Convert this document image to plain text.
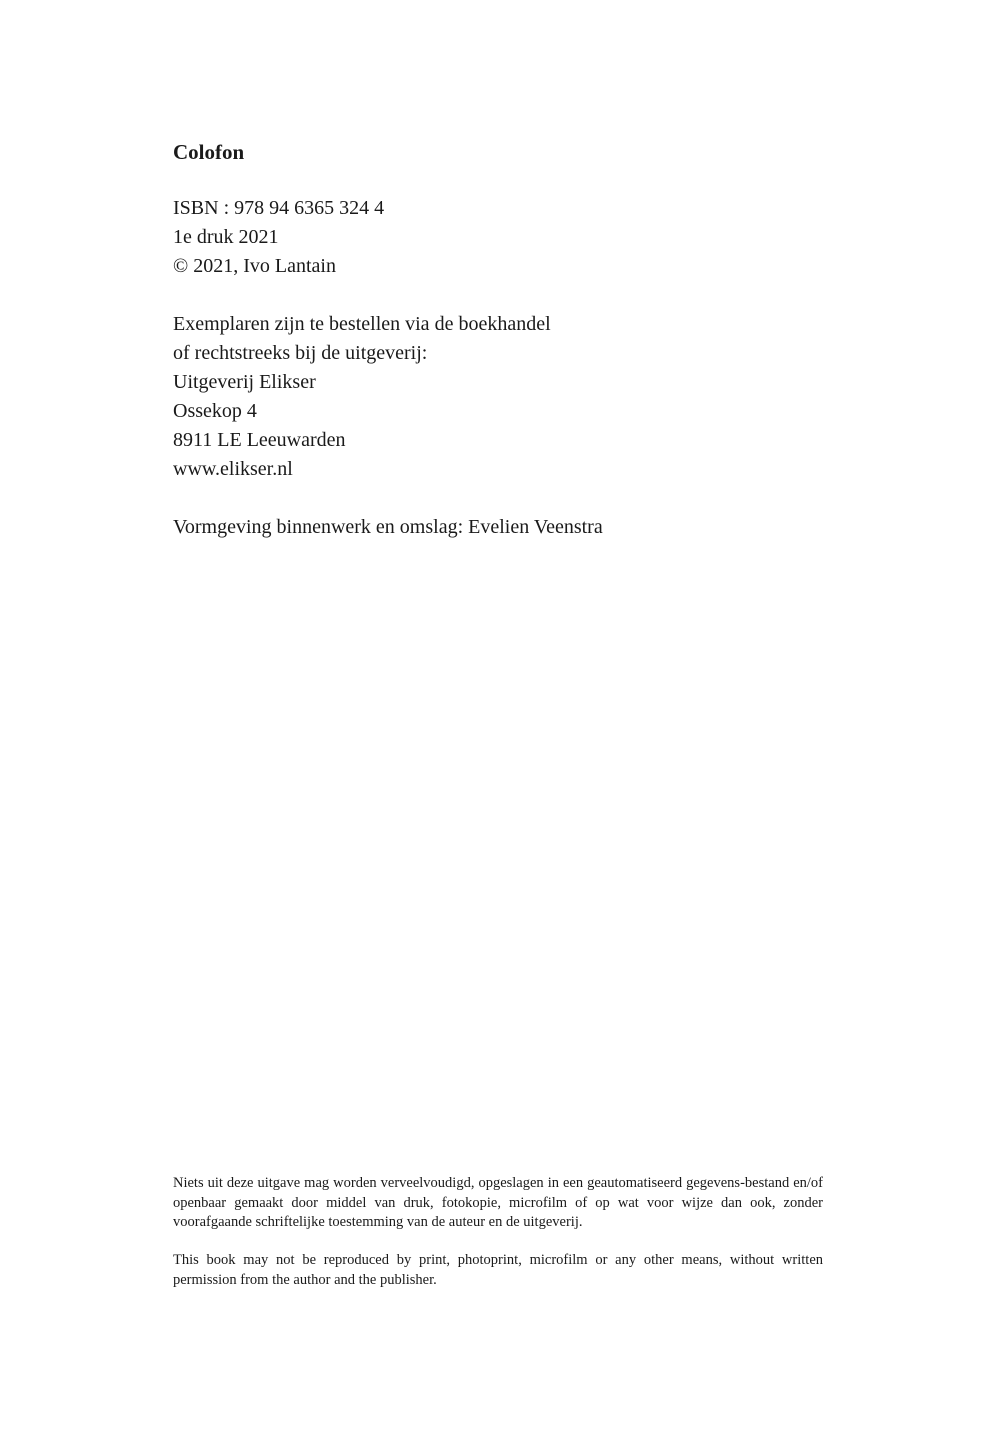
Colofon
ISBN : 978 94 6365 324 4
1e druk 2021
© 2021, Ivo Lantain
Exemplaren zijn te bestellen via de boekhandel
of rechtstreeks bij de uitgeverij:
Uitgeverij Elikser
Ossekop 4
8911 LE Leeuwarden
www.elikser.nl
Vormgeving binnenwerk en omslag: Evelien Veenstra

Niets uit deze uitgave mag worden verveelvoudigd, opgeslagen in een geautomatiseerd gegevens-bestand en/of openbaar gemaakt door middel van druk, fotokopie, microfilm of op wat voor wijze dan ook, zonder voorafgaande schriftelijke toestemming van de auteur en de uitgeverij.

This book may not be reproduced by print, photoprint, microfilm or any other means, without written permission from the author and the publisher.
